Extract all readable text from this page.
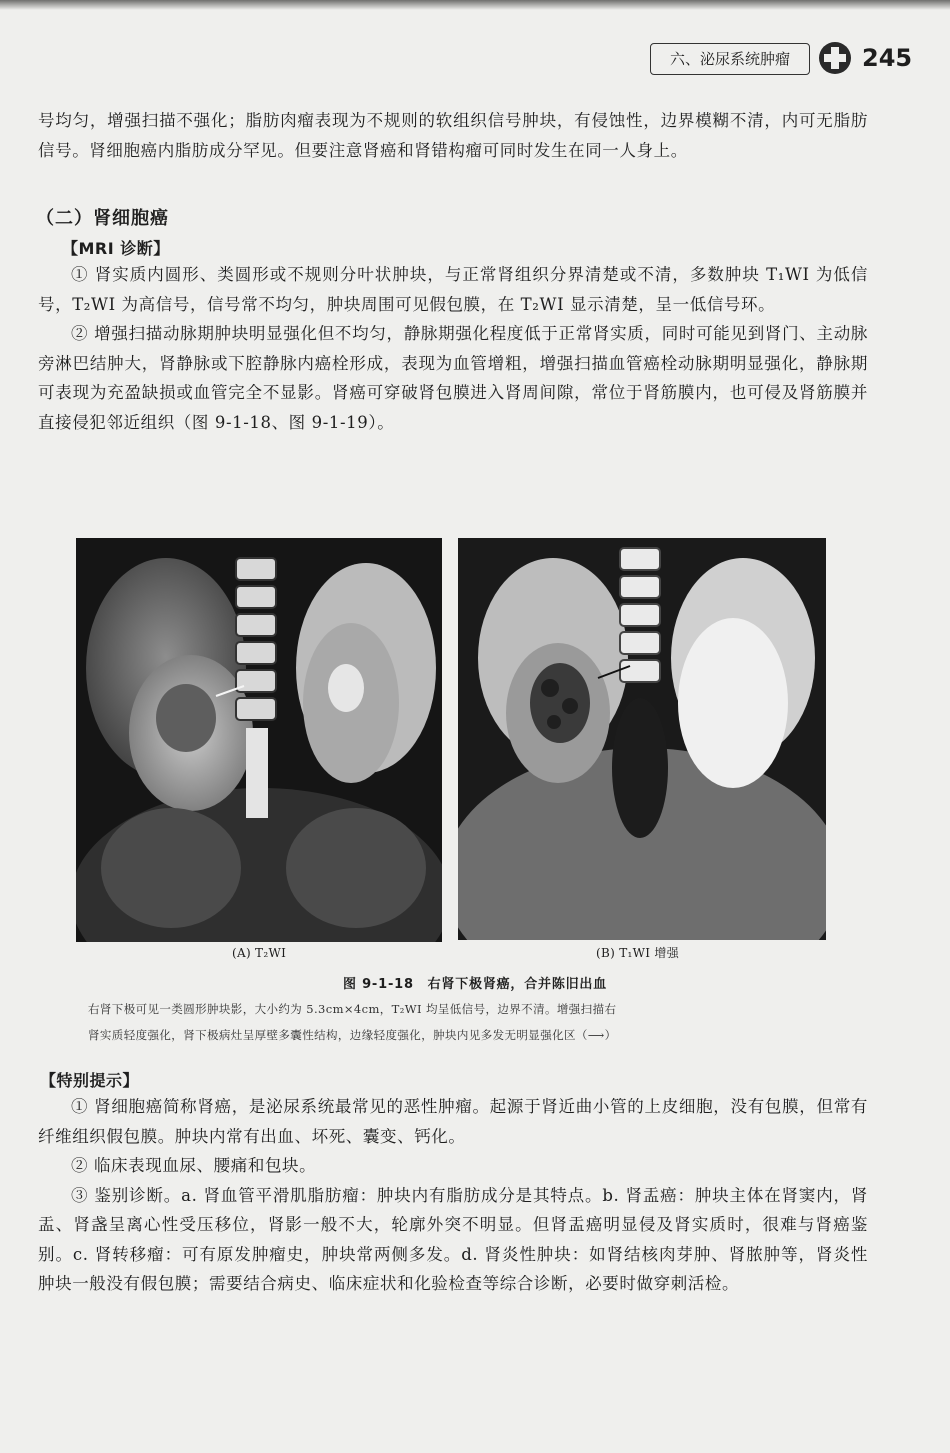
六、泌尿系统肿瘤	245

号均匀，增强扫描不强化；脂肪肉瘤表现为不规则的软组织信号肿块，有侵蚀性，边界模糊不清，内可无脂肪信号。肾细胞癌内脂肪成分罕见。但要注意肾癌和肾错构瘤可同时发生在同一人身上。

（二）肾细胞癌
【MRI 诊断】

① 肾实质内圆形、类圆形或不规则分叶状肿块，与正常肾组织分界清楚或不清，多数肿块 T₁WI 为低信号，T₂WI 为高信号，信号常不均匀，肿块周围可见假包膜，在 T₂WI 显示清楚，呈一低信号环。

② 增强扫描动脉期肿块明显强化但不均匀，静脉期强化程度低于正常肾实质，同时可能见到肾门、主动脉旁淋巴结肿大，肾静脉或下腔静脉内癌栓形成，表现为血管增粗，增强扫描血管癌栓动脉期明显强化，静脉期可表现为充盈缺损或血管完全不显影。肾癌可穿破肾包膜进入肾周间隙，常位于肾筋膜内，也可侵及肾筋膜并直接侵犯邻近组织（图 9-1-18、图 9-1-19）。

(A) T₂WI	(B) T₁WI 增强
图 9-1-18　右肾下极肾癌，合并陈旧出血
右肾下极可见一类圆形肿块影，大小约为 5.3cm×4cm，T₂WI 均呈低信号，边界不清。增强扫描右
肾实质轻度强化，肾下极病灶呈厚壁多囊性结构，边缘轻度强化，肿块内见多发无明显强化区（⟶）
【特别提示】

① 肾细胞癌简称肾癌，是泌尿系统最常见的恶性肿瘤。起源于肾近曲小管的上皮细胞，没有包膜，但常有纤维组织假包膜。肿块内常有出血、坏死、囊变、钙化。

② 临床表现血尿、腰痛和包块。

③ 鉴别诊断。a. 肾血管平滑肌脂肪瘤：肿块内有脂肪成分是其特点。b. 肾盂癌：肿块主体在肾窦内，肾盂、肾盏呈离心性受压移位，肾影一般不大，轮廓外突不明显。但肾盂癌明显侵及肾实质时，很难与肾癌鉴别。c. 肾转移瘤：可有原发肿瘤史，肿块常两侧多发。d. 肾炎性肿块：如肾结核肉芽肿、肾脓肿等，肾炎性肿块一般没有假包膜；需要结合病史、临床症状和化验检查等综合诊断，必要时做穿刺活检。
